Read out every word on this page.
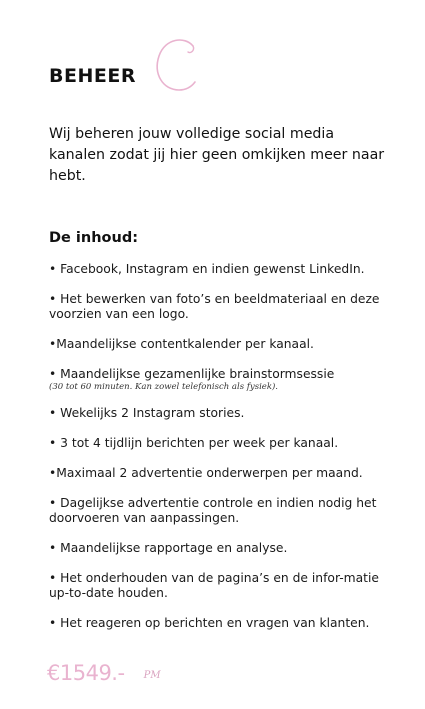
BEHEER
Wij beheren jouw volledige social media kanalen zodat jij hier geen omkijken meer naar hebt.
De inhoud:
• Facebook, Instagram en indien gewenst LinkedIn.
• Het bewerken van foto’s en beeldmateriaal en deze voorzien van een logo.
•Maandelijkse contentkalender per kanaal.
• Maandelijkse gezamenlijke brainstormsessie
(30 tot 60 minuten. Kan zowel telefonisch als fysiek).
• Wekelijks 2 Instagram stories.
• 3 tot 4 tijdlijn berichten per week per kanaal.
•Maximaal 2 advertentie onderwerpen per maand.
• Dagelijkse advertentie controle en indien nodig het doorvoeren van aanpassingen.
• Maandelijkse rapportage en analyse.
• Het onderhouden van de pagina’s en de infor-matie up-to-date houden.
• Het reageren op berichten en vragen van klanten.
€1549.- PM
